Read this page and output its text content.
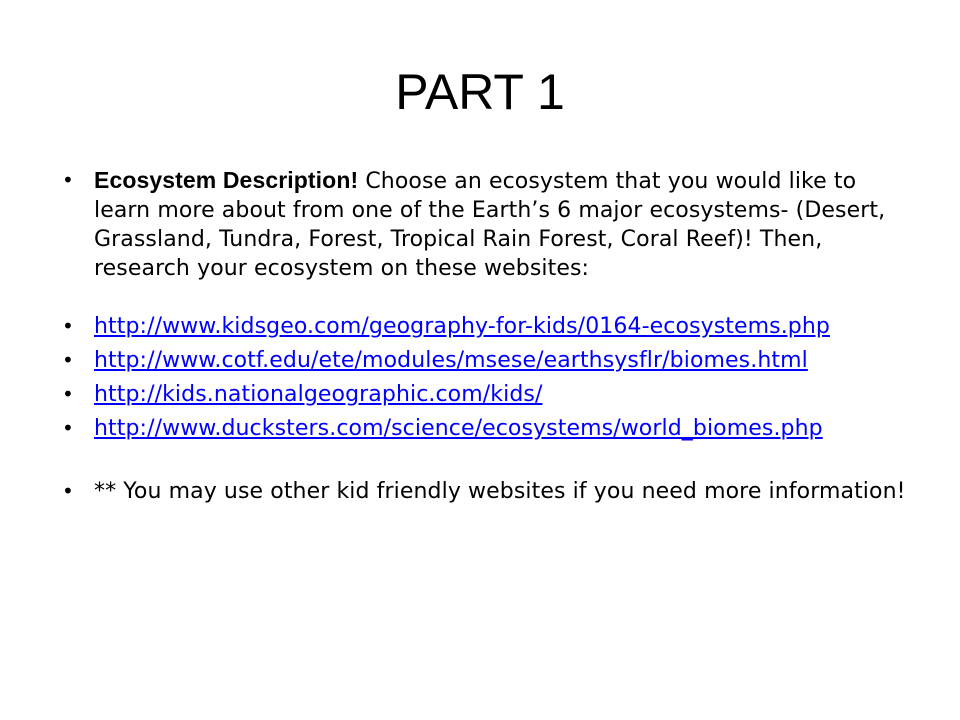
PART 1
• Ecosystem Description! Choose an ecosystem that you would like to learn more about from one of the Earth’s 6 major ecosystems- (Desert, Grassland, Tundra, Forest, Tropical Rain Forest, Coral Reef)! Then, research your ecosystem on these websites:
• http://www.kidsgeo.com/geography-for-kids/0164-ecosystems.php
• http://www.cotf.edu/ete/modules/msese/earthsysflr/biomes.html
• http://kids.nationalgeographic.com/kids/
• http://www.ducksters.com/science/ecosystems/world_biomes.php
• ** You may use other kid friendly websites if you need more information!
